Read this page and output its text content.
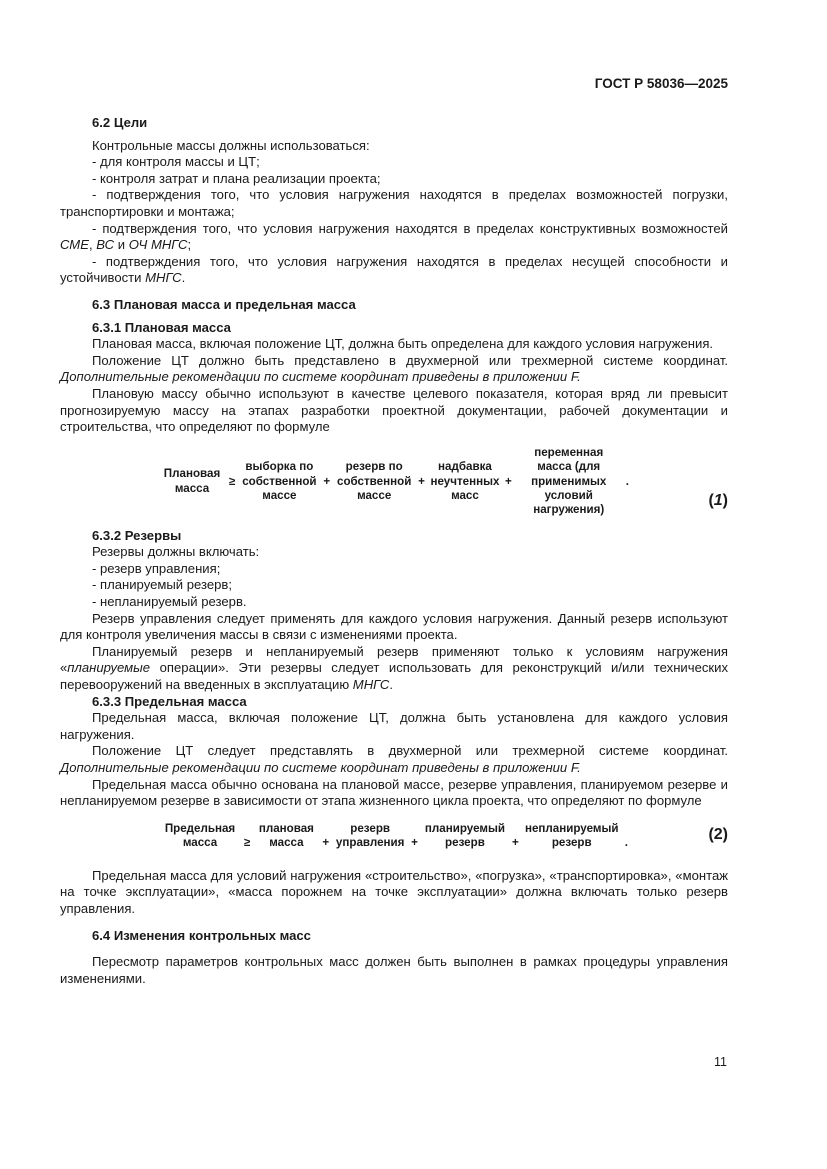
ГОСТ Р 58036—2025

6.2 Цели

Контрольные массы должны использоваться:

- для контроля массы и ЦТ;

- контроля затрат и плана реализации проекта;

- подтверждения того, что условия нагружения находятся в пределах возможностей погрузки, транспортировки и монтажа;

- подтверждения того, что условия нагружения находятся в пределах конструктивных возможностей СМЕ, ВС и ОЧ МНГС;

- подтверждения того, что условия нагружения находятся в пределах несущей способности и устойчивости МНГС.

6.3 Плановая масса и предельная масса

6.3.1 Плановая масса

Плановая масса, включая положение ЦТ, должна быть определена для каждого условия нагружения.

Положение ЦТ должно быть представлено в двухмерной или трехмерной системе координат. Дополнительные рекомендации по системе координат приведены в приложении F.

Плановую массу обычно используют в качестве целевого показателя, которая вряд ли превысит прогнозируемую массу на этапах разработки проектной документации, рабочей документации и строительства, что определяют по формуле

Плановая масса
≥
выборка по собственной массе
+
резерв по собственной массе
+
надбавка неучтенных масс
+
переменная масса (для применимых условий нагружения)
.
(1)

6.3.2 Резервы

Резервы должны включать:

- резерв управления;

- планируемый резерв;

- непланируемый резерв.

Резерв управления следует применять для каждого условия нагружения. Данный резерв используют для контроля увеличения массы в связи с изменениями проекта.

Планируемый резерв и непланируемый резерв применяют только к условиям нагружения «планируемые операции». Эти резервы следует использовать для реконструкций и/или технических перевооружений на введенных в эксплуатацию МНГС.

6.3.3 Предельная масса

Предельная масса, включая положение ЦТ, должна быть установлена для каждого условия нагружения.

Положение ЦТ следует представлять в двухмерной или трехмерной системе координат. Дополнительные рекомендации по системе координат приведены в приложении F.

Предельная масса обычно основана на плановой массе, резерве управления, планируемом резерве и непланируемом резерве в зависимости от этапа жизненного цикла проекта, что определяют по формуле

Предельная масса	≥
плановая масса	+
резерв управления +
планируемый резерв	+
непланируемый резерв	.	(2)

Предельная масса для условий нагружения «строительство», «погрузка», «транспортировка», «монтаж на точке эксплуатации», «масса порожнем на точке эксплуатации» должна включать только резерв управления.

6.4 Изменения контрольных масс

Пересмотр параметров контрольных масс должен быть выполнен в рамках процедуры управления изменениями.

11
